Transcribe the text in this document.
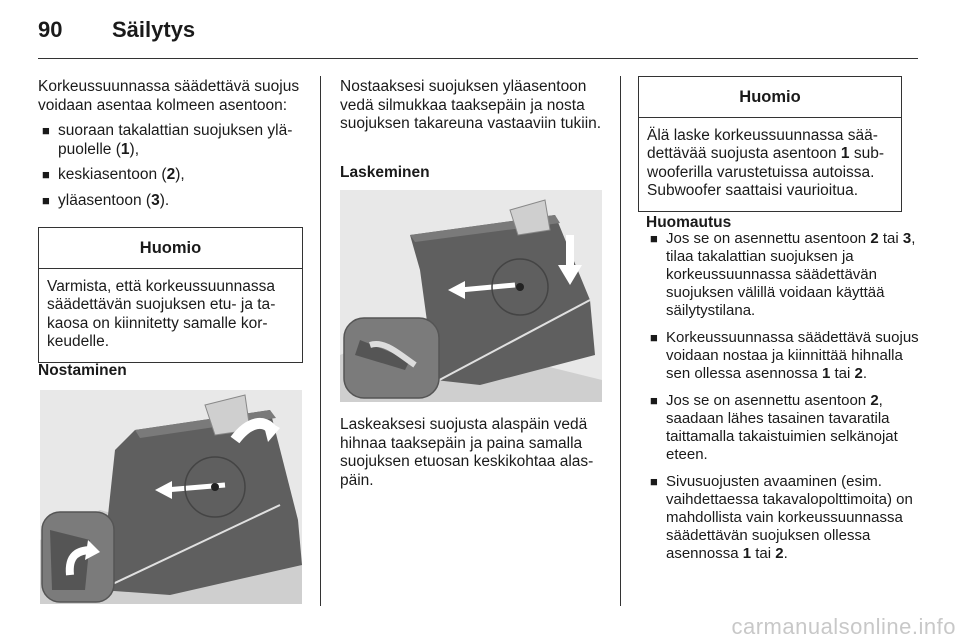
90 Säilytys

Korkeussuunnassa säädettävä suojus voidaan asentaa kolmeen asentoon:

■ suoraan takalattian suojuksen yläpuolelle (1),
■ keskiasentoon (2),
■ yläasentoon (3).
Huomio
Varmista, että korkeussuunnassa säädettävän suojuksen etu- ja takaosa on kiinnitetty samalle korkeudelle.
Nostaminen
Nostaaksesi suojuksen yläasentoon vedä silmukkaa taaksepäin ja nosta suojuksen takareuna vastaaviin tukiin.
Laskeminen
Laskeaksesi suojusta alaspäin vedä hihnaa taaksepäin ja paina samalla suojuksen etuosan keskikohtaa alaspäin.
Huomio
Älä laske korkeussuunnassa säädettävää suojusta asentoon 1 subwooferilla varustetuissa autoissa. Subwoofer saattaisi vaurioitua.
Huomautus
■ Jos se on asennettu asentoon 2 tai 3, tilaa takalattian suojuksen ja korkeussuunnassa säädettävän suojuksen välillä voidaan käyttää säilytystilana.
■ Korkeussuunnassa säädettävä suojus voidaan nostaa ja kiinnittää hihnalla sen ollessa asennossa 1 tai 2.
■ Jos se on asennettu asentoon 2, saadaan lähes tasainen tavaratila taittamalla takaistuimien selkänojat eteen.
■ Sivusuojusten avaaminen (esim. vaihdettaessa takavalopolttimoita) on mahdollista vain korkeussuunnassa säädettävän suojuksen ollessa asennossa 1 tai 2.
carmanualsonline.info
